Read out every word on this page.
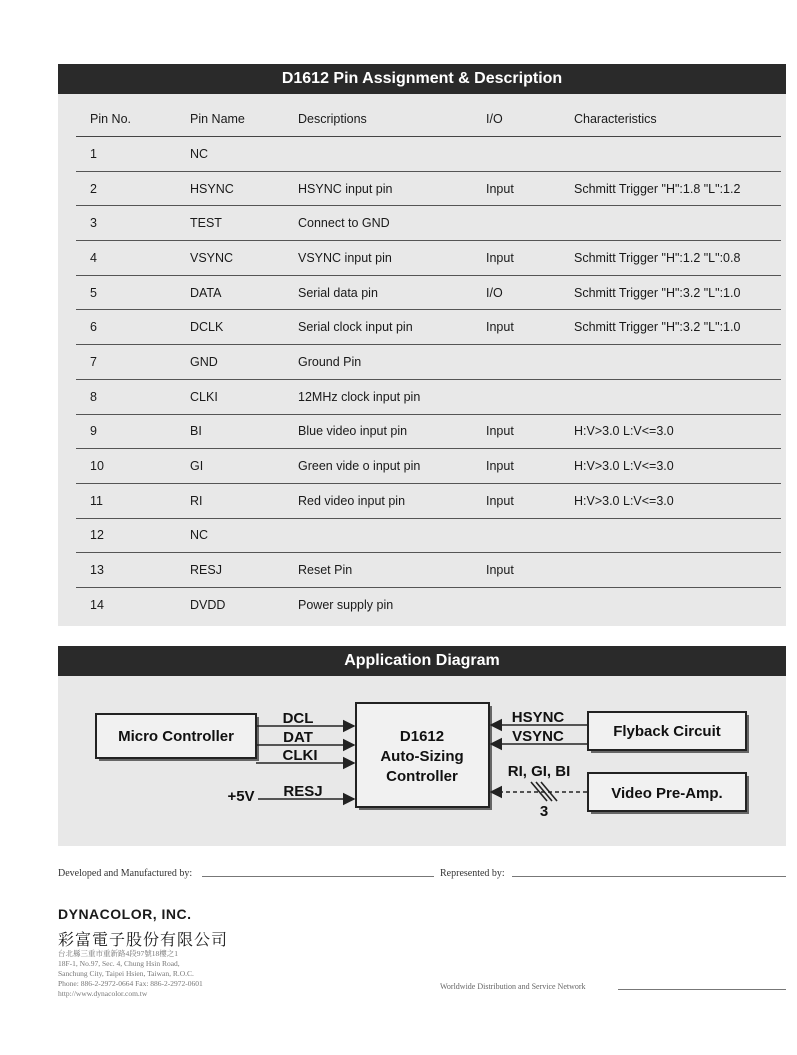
D1612 Pin Assignment & Description
Pin No.	Pin Name	Descriptions	I/O	Characteristics
1	NC			
2	HSYNC	HSYNC input pin	Input	Schmitt Trigger "H":1.8 "L":1.2
3	TEST	Connect to GND		
4	VSYNC	VSYNC input pin	Input	Schmitt Trigger "H":1.2 "L":0.8
5	DATA	Serial data pin	I/O	Schmitt Trigger "H":3.2 "L":1.0
6	DCLK	Serial clock input pin	Input	Schmitt Trigger "H":3.2 "L":1.0
7	GND	Ground Pin		
8	CLKI	12MHz clock input pin		
9	BI	Blue video input pin	Input	H:V>3.0 L:V<=3.0
10	GI	Green vide o input pin	Input	H:V>3.0 L:V<=3.0
11	RI	Red video input pin	Input	H:V>3.0 L:V<=3.0
12	NC			
13	RESJ	Reset Pin	Input	
14	DVDD	Power supply pin		
Application Diagram
Micro Controller	D1612
Auto-Sizing
Controller
Flyback Circuit
Video Pre-Amp.
DCL
DAT
CLKI
+5V RESJ
HSYNC
VSYNC
RI, GI, BI
3
Developed and Manufactured by:	Represented by:
DYNACOLOR, INC.
彩富電子股份有限公司
台北縣三重市重新路4段97號18樓之1
18F-1, No.97, Sec. 4, Chung Hsin Road,
Sanchung City, Taipei Hsien, Taiwan, R.O.C.
Phone: 886-2-2972-0664 Fax: 886-2-2972-0601
http://www.dynacolor.com.tw
Worldwide Distribution and Service Network
